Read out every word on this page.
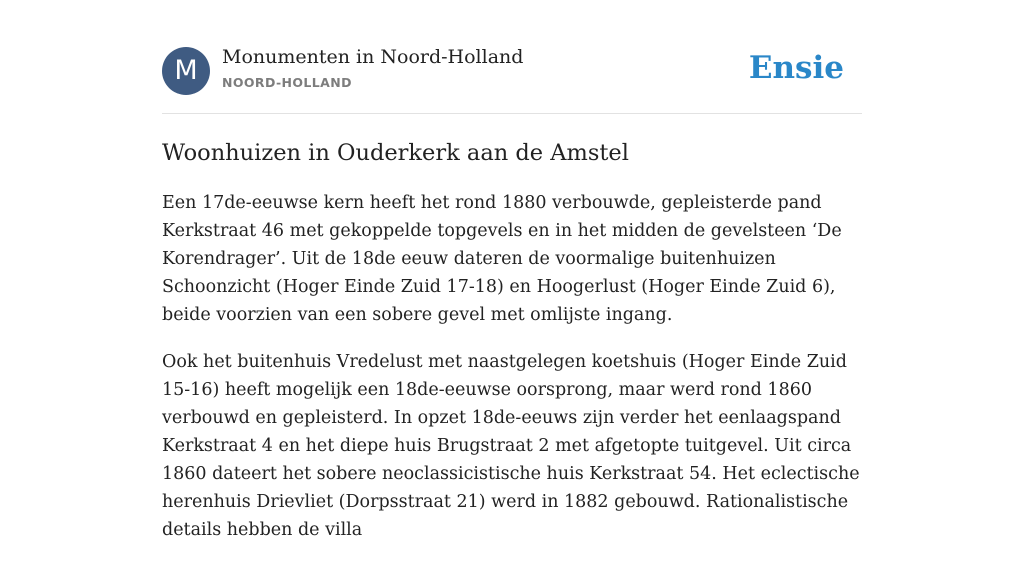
M	Monumenten in Noord-Holland
NOORD-HOLLAND	Ensie
Woonhuizen in Ouderkerk aan de Amstel

Een 17de-eeuwse kern heeft het rond 1880 verbouwde, gepleisterde pand Kerkstraat 46 met gekoppelde topgevels en in het midden de gevelsteen ‘De Korendrager’. Uit de 18de eeuw dateren de voormalige buitenhuizen Schoonzicht (Hoger Einde Zuid 17-18) en Hoogerlust (Hoger Einde Zuid 6), beide voorzien van een sobere gevel met omlijste ingang.

Ook het buitenhuis Vredelust met naastgelegen koetshuis (Hoger Einde Zuid 15-16) heeft mogelijk een 18de-eeuwse oorsprong, maar werd rond 1860 verbouwd en gepleisterd. In opzet 18de-eeuws zijn verder het eenlaagspand Kerkstraat 4 en het diepe huis Brugstraat 2 met afgetopte tuitgevel. Uit circa 1860 dateert het sobere neoclassicistische huis Kerkstraat 54. Het eclectische herenhuis Drievliet (Dorpsstraat 21) werd in 1882 gebouwd. Rationalistische details hebben de villa
